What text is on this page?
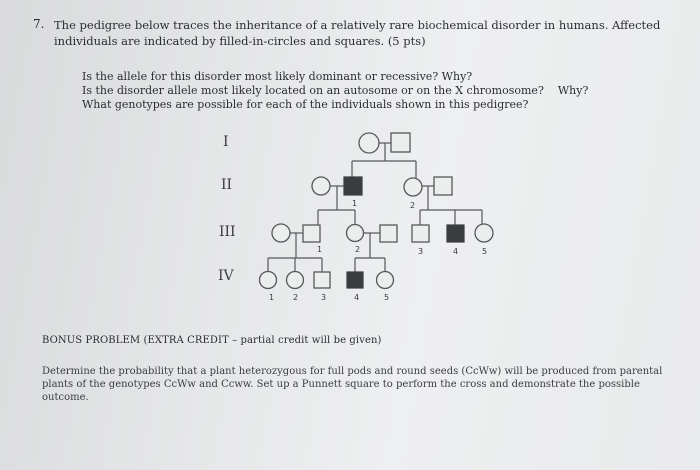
7. The pedigree below traces the inheritance of a relatively rare biochemical disorder in humans. Affected
individuals are indicated by filled-in-circles and squares. (5 pts)
Is the allele for this disorder most likely dominant or recessive? Why?
Is the disorder allele most likely located on an autosome or on the X chromosome? Why?
What genotypes are possible for each of the individuals shown in this pedigree?
I
II
III
IV
1	2
1	2	3	4	5
1 2	3	4	5
BONUS PROBLEM (EXTRA CREDIT – partial credit will be given)
Determine the probability that a plant heterozygous for full pods and round seeds (CcWw) will be produced from parental
plants of the genotypes CcWw and Ccww. Set up a Punnett square to perform the cross and demonstrate the possible
outcome.
